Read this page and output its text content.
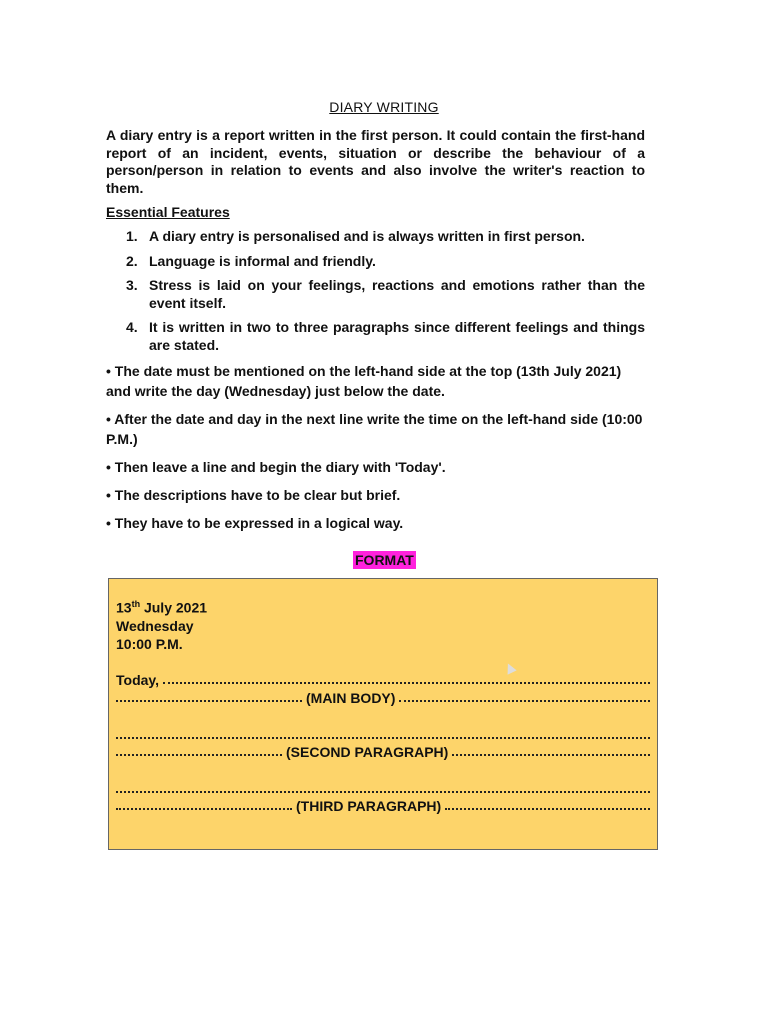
DIARY WRITING
A diary entry is a report written in the first person. It could contain the first-hand report of an incident, events, situation or describe the behaviour of a person/person in relation to events and also involve the writer's reaction to them.
Essential Features
1. A diary entry is personalised and is always written in first person.
2. Language is informal and friendly.
3. Stress is laid on your feelings, reactions and emotions rather than the event itself.
4. It is written in two to three paragraphs since different feelings and things are stated.
• The date must be mentioned on the left-hand side at the top (13th July 2021) and write the day (Wednesday) just below the date.
• After the date and day in the next line write the time on the left-hand side (10:00 P.M.)
• Then leave a line and begin the diary with 'Today'.
• The descriptions have to be clear but brief.
• They have to be expressed in a logical way.
FORMAT
13th July 2021
Wednesday
10:00 P.M.
Today,
(MAIN BODY)
(SECOND PARAGRAPH)
(THIRD PARAGRAPH)
